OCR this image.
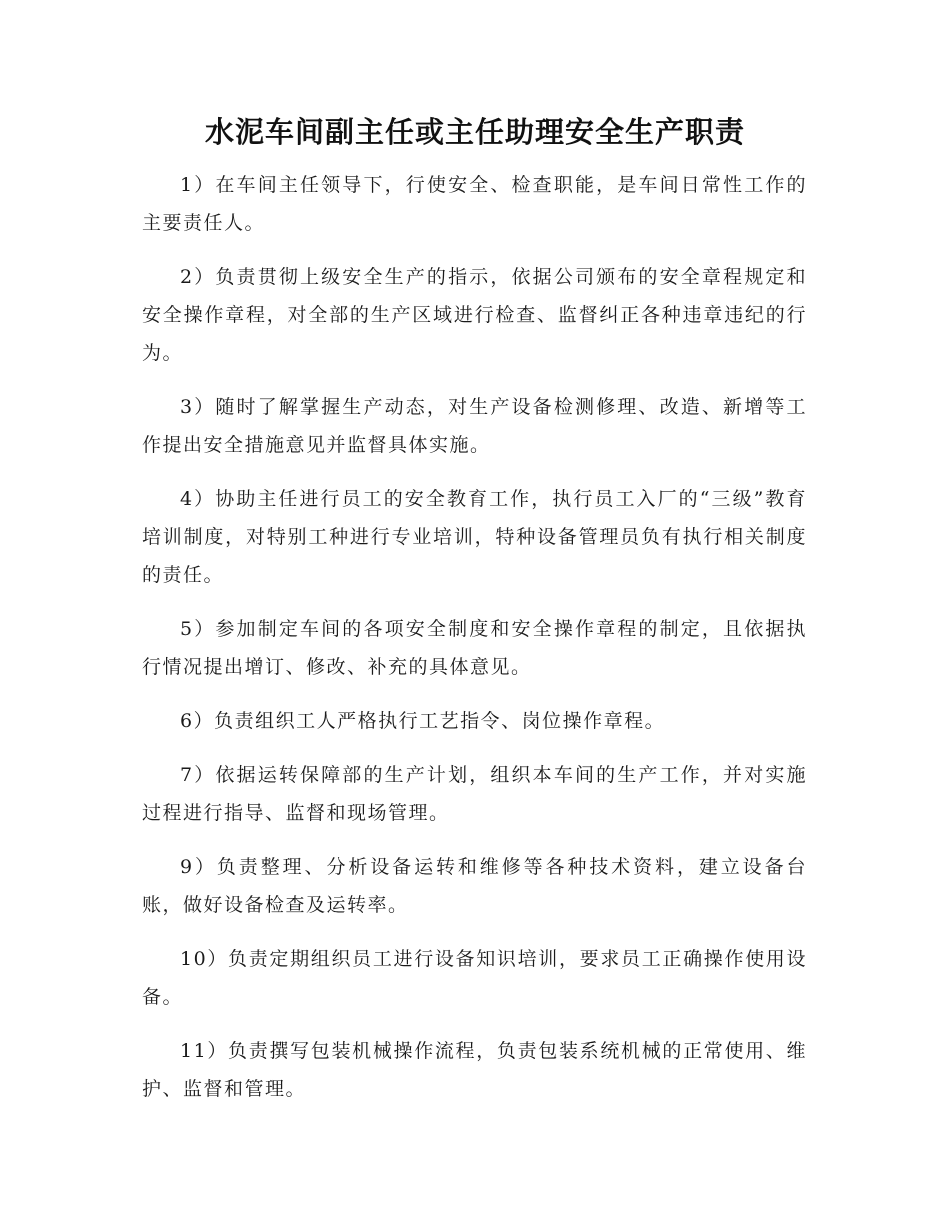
水泥车间副主任或主任助理安全生产职责

1）在车间主任领导下，行使安全、检查职能，是车间日常性工作的主要责任人。

2）负责贯彻上级安全生产的指示，依据公司颁布的安全章程规定和安全操作章程，对全部的生产区域进行检查、监督纠正各种违章违纪的行为。

3）随时了解掌握生产动态，对生产设备检测修理、改造、新增等工作提出安全措施意见并监督具体实施。

4）协助主任进行员工的安全教育工作，执行员工入厂的“三级”教育培训制度，对特别工种进行专业培训，特种设备管理员负有执行相关制度的责任。

5）参加制定车间的各项安全制度和安全操作章程的制定，且依据执行情况提出增订、修改、补充的具体意见。

6）负责组织工人严格执行工艺指令、岗位操作章程。

7）依据运转保障部的生产计划，组织本车间的生产工作，并对实施过程进行指导、监督和现场管理。

9）负责整理、分析设备运转和维修等各种技术资料，建立设备台账，做好设备检查及运转率。

10）负责定期组织员工进行设备知识培训，要求员工正确操作使用设备。

11）负责撰写包装机械操作流程，负责包装系统机械的正常使用、维护、监督和管理。
